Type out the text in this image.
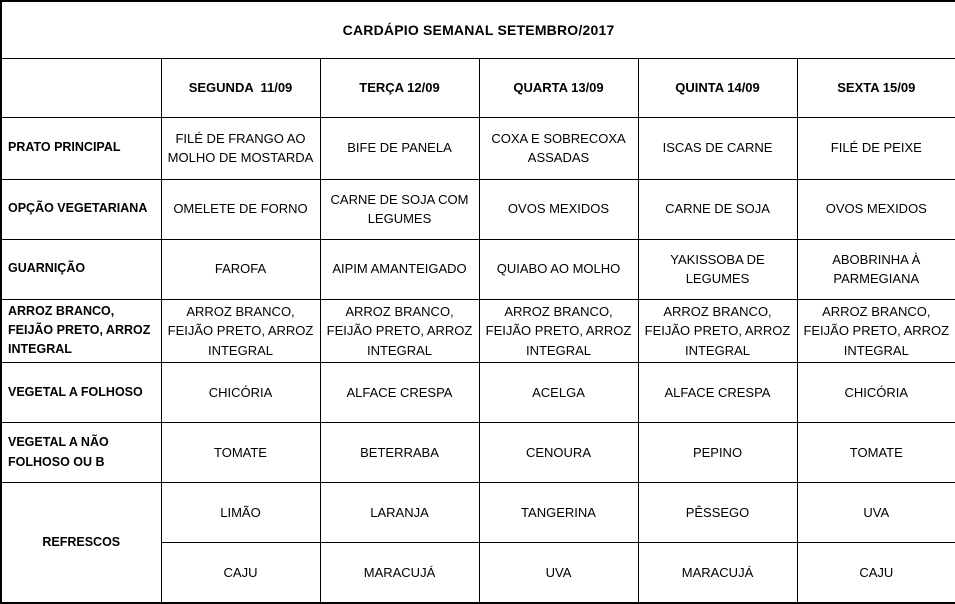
CARDÁPIO SEMANAL SETEMBRO/2017					
	SEGUNDA  11/09	TERÇA 12/09	QUARTA 13/09	QUINTA 14/09	SEXTA 15/09
PRATO PRINCIPAL	FILÉ DE FRANGO AO MOLHO DE MOSTARDA	BIFE DE PANELA	COXA E SOBRECOXA ASSADAS	ISCAS DE CARNE	FILÉ DE PEIXE
OPÇÃO VEGETARIANA	OMELETE DE FORNO	CARNE DE SOJA COM LEGUMES	OVOS MEXIDOS	CARNE DE SOJA	OVOS MEXIDOS
GUARNIÇÃO	FAROFA	AIPIM AMANTEIGADO	QUIABO AO MOLHO	YAKISSOBA DE LEGUMES	ABOBRINHA À PARMEGIANA
ARROZ BRANCO, FEIJÃO PRETO, ARROZ INTEGRAL	ARROZ BRANCO, FEIJÃO PRETO, ARROZ INTEGRAL	ARROZ BRANCO, FEIJÃO PRETO, ARROZ INTEGRAL	ARROZ BRANCO, FEIJÃO PRETO, ARROZ INTEGRAL	ARROZ BRANCO, FEIJÃO PRETO, ARROZ INTEGRAL	ARROZ BRANCO, FEIJÃO PRETO, ARROZ INTEGRAL
VEGETAL A FOLHOSO	CHICÓRIA	ALFACE CRESPA	ACELGA	ALFACE CRESPA	CHICÓRIA
VEGETAL A NÃO FOLHOSO OU B	TOMATE	BETERRABA	CENOURA	PEPINO	TOMATE
REFRESCOS	LIMÃO	LARANJA	TANGERINA	PÊSSEGO	UVA
	CAJU	MARACUJÁ	UVA	MARACUJÁ	CAJU
